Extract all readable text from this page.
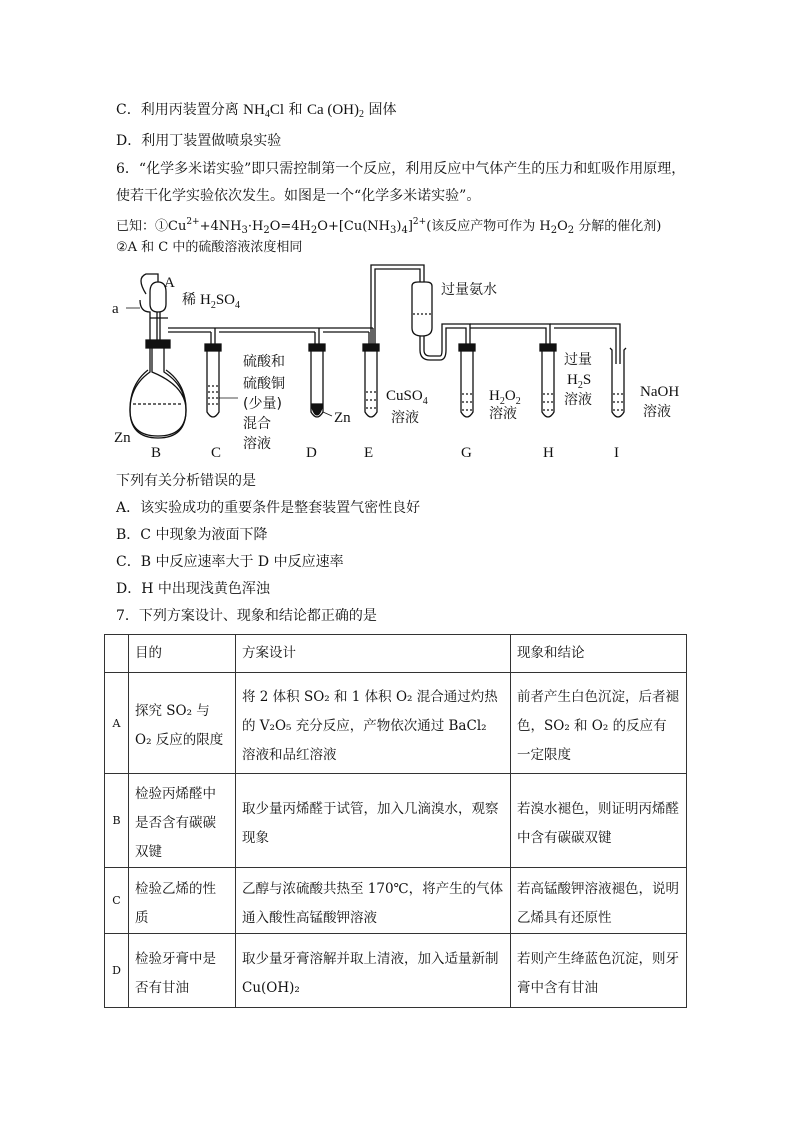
C．利用丙装置分离 $NH_4Cl$ 和 Ca $(OH)_2$ 固体
D．利用丁装置做喷泉实验
6．“化学多米诺实验”即只需控制第一个反应，利用反应中气体产生的压力和虹吸作用原理，
使若干化学实验依次发生。如图是一个“化学多米诺实验”。
已知：$①Cu^{2+}+4NH_3\cdot H_2O=4H_2O+[Cu(NH_3)_4]^{2+}$(该反应产物可作为 $H_2O_2$ 分解的催化剂)
②A 和 C 中的硫酸溶液浓度相同
a
A
Zn
Zn
NaOH
稀 $H_2SO_4$
硫酸和
硫酸铜
(少量)
混合
溶液
CuSO$_4$
溶液
过量氨水
$H_2O_2$
溶液
过量
$H_2S$
溶液
溶液
B	C	D	E	G	H	I
下列有关分析错误的是
A．该实验成功的重要条件是整套装置气密性良好
B．C 中现象为液面下降
C．B 中反应速率大于 D 中反应速率
D．H 中出现浅黄色浑浊
7．下列方案设计、现象和结论都正确的是

	目的	方案设计	现象和结论

A	探究 SO₂ 与 O₂ 反应的限度	将 2 体积 SO₂ 和 1 体积 O₂ 混合通过灼热的 V₂O₅ 充分反应，产物依次通过 BaCl₂ 溶液和品红溶液	前者产生白色沉淀，后者褪色，SO₂ 和 O₂ 的反应有一定限度

B	检验丙烯醛中是否含有碳碳双键	取少量丙烯醛于试管，加入几滴溴水，观察现象	若溴水褪色，则证明丙烯醛中含有碳碳双键

C	检验乙烯的性质	乙醇与浓硫酸共热至 170℃，将产生的气体通入酸性高锰酸钾溶液	若高锰酸钾溶液褪色，说明乙烯具有还原性

D	检验牙膏中是否有甘油	取少量牙膏溶解并取上清液，加入适量新制 Cu(OH)₂	若则产生绛蓝色沉淀，则牙膏中含有甘油
